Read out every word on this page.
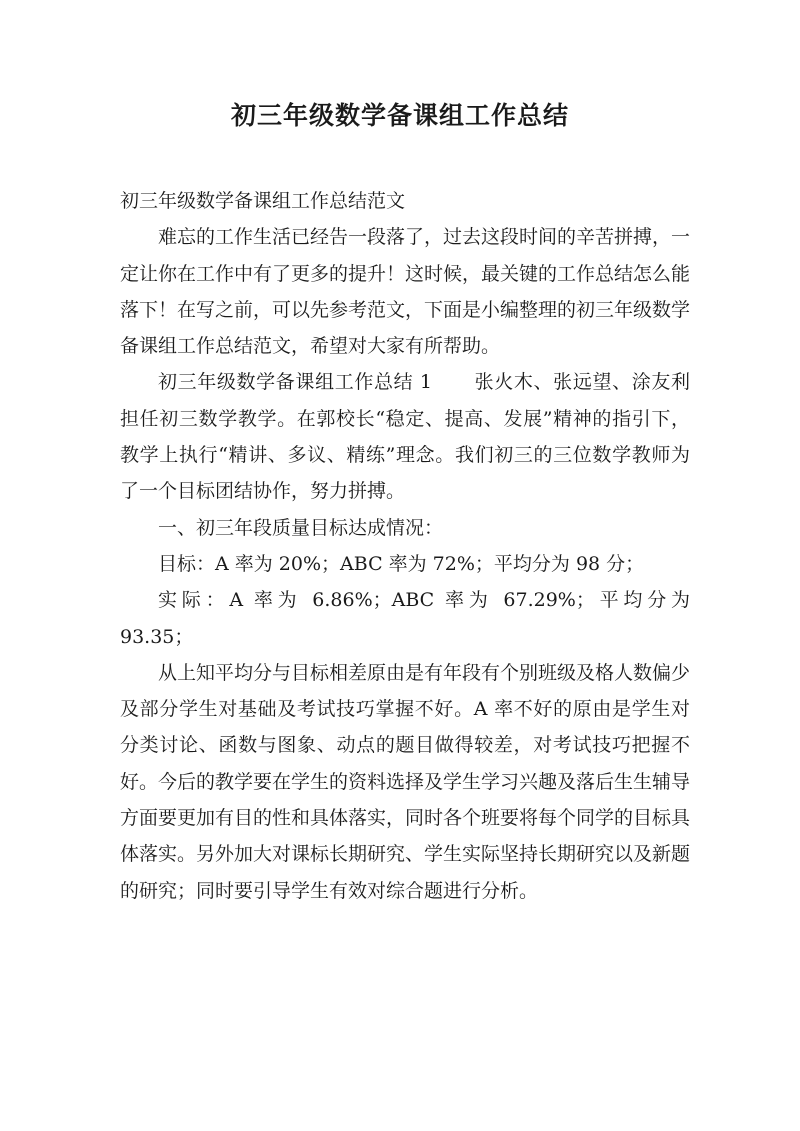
初三年级数学备课组工作总结

初三年级数学备课组工作总结范文

难忘的工作生活已经告一段落了，过去这段时间的辛苦拼搏，一定让你在工作中有了更多的提升！这时候，最关键的工作总结怎么能落下！在写之前，可以先参考范文，下面是小编整理的初三年级数学备课组工作总结范文，希望对大家有所帮助。

初三年级数学备课组工作总结 1 张火木、张远望、涂友利担任初三数学教学。在郭校长“稳定、提高、发展”精神的指引下，教学上执行“精讲、多议、精练”理念。我们初三的三位数学教师为了一个目标团结协作，努力拼搏。

一、初三年段质量目标达成情况：

目标：A 率为 20%；ABC 率为 72%；平均分为 98 分；

实际：A 率为 6.86%；ABC 率为 67.29%；平均分为 93.35；

从上知平均分与目标相差原由是有年段有个别班级及格人数偏少及部分学生对基础及考试技巧掌握不好。A 率不好的原由是学生对分类讨论、函数与图象、动点的题目做得较差，对考试技巧把握不好。今后的教学要在学生的资料选择及学生学习兴趣及落后生生辅导方面要更加有目的性和具体落实，同时各个班要将每个同学的目标具体落实。另外加大对课标长期研究、学生实际坚持长期研究以及新题的研究；同时要引导学生有效对综合题进行分析。
